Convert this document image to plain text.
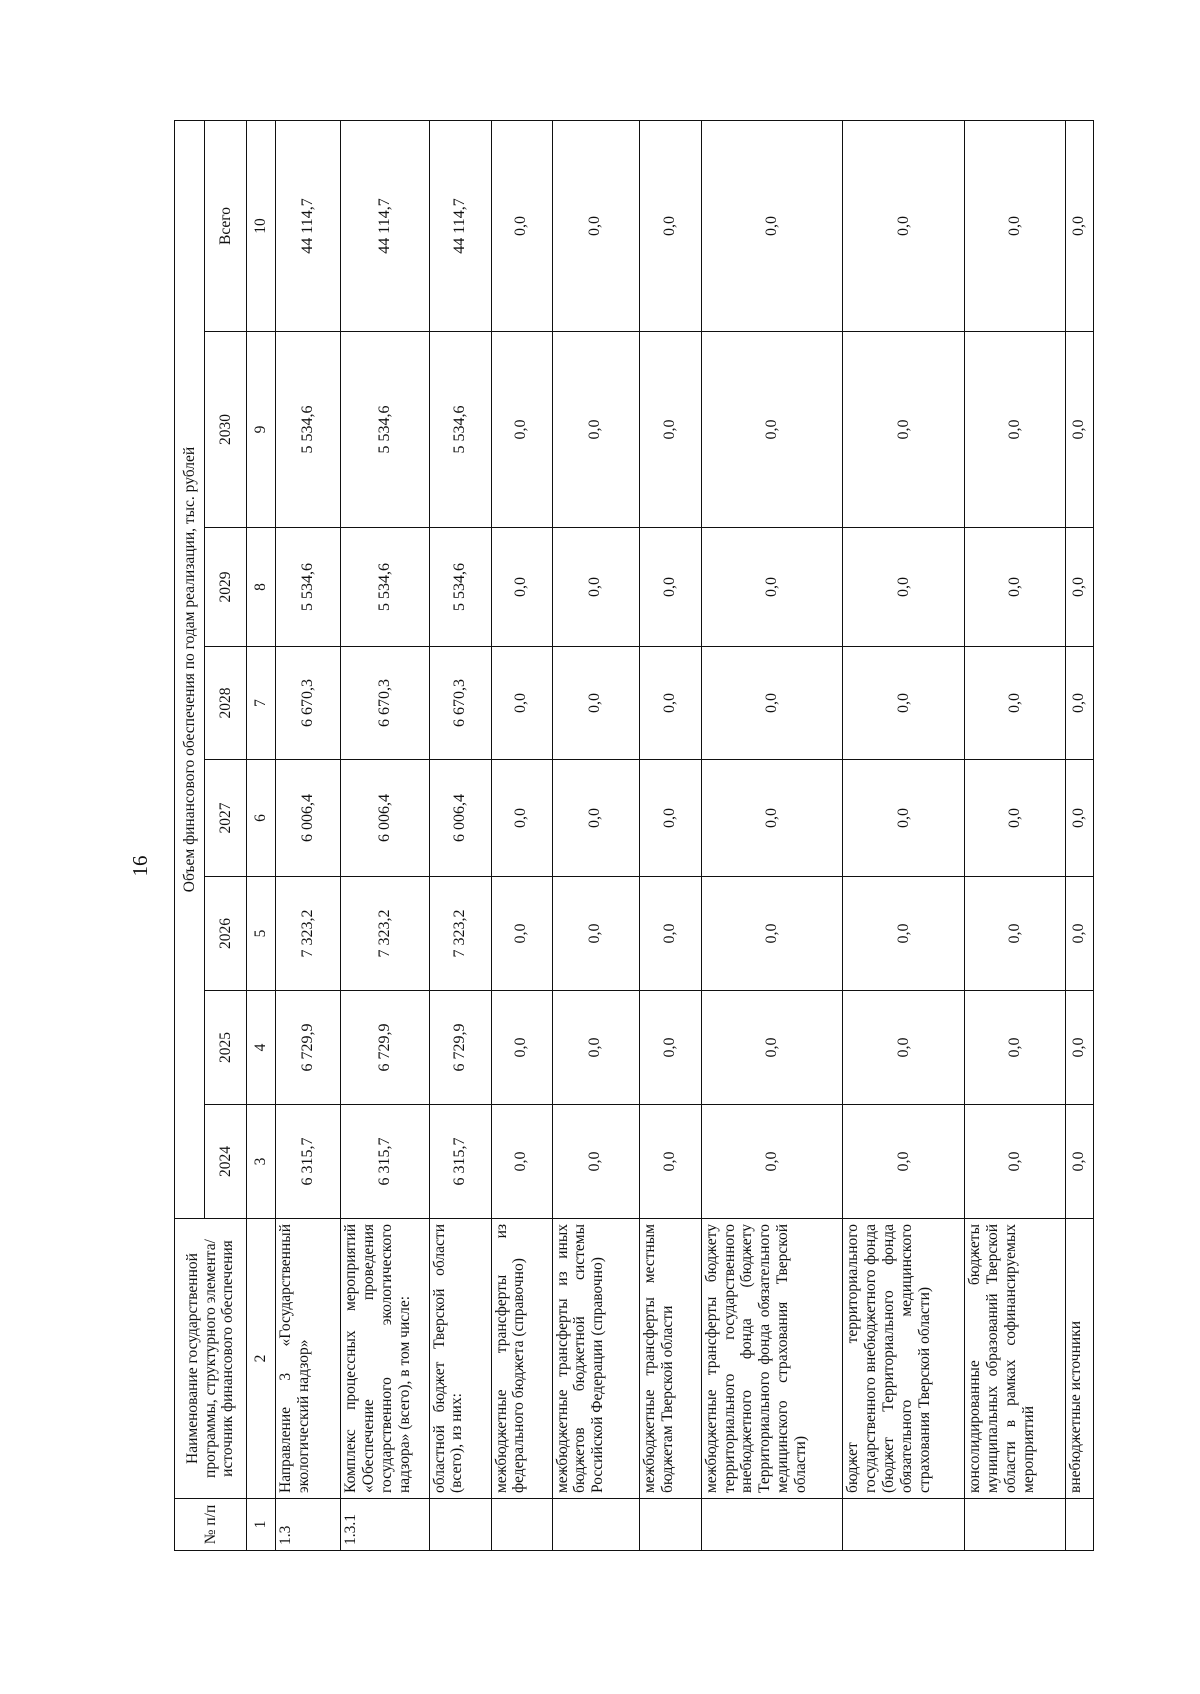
16
№ п/п	Наименование государственной программы, структурного элемента/источник финансового обеспечения	Объем финансового обеспечения по годам реализации, тыс. рублей							
		2024	2025	2026	2027	2028	2029	2030	Всего
1	2	3	4	5	6	7	8	9	10
1.3	Направление 3 «Государственный экологический надзор»	6 315,7	6 729,9	7 323,2	6 006,4	6 670,3	5 534,6	5 534,6	44 114,7
1.3.1	Комплекс процессных мероприятий «Обеспечение проведения государственного экологического надзора» (всего), в том числе:	6 315,7	6 729,9	7 323,2	6 006,4	6 670,3	5 534,6	5 534,6	44 114,7
	областной бюджет Тверской области (всего), из них:	6 315,7	6 729,9	7 323,2	6 006,4	6 670,3	5 534,6	5 534,6	44 114,7
	межбюджетные трансферты из федерального бюджета (справочно)	0,0	0,0	0,0	0,0	0,0	0,0	0,0	0,0
	межбюджетные трансферты из иных бюджетов бюджетной системы Российской Федерации (справочно)	0,0	0,0	0,0	0,0	0,0	0,0	0,0	0,0
	межбюджетные трансферты местным бюджетам Тверской области	0,0	0,0	0,0	0,0	0,0	0,0	0,0	0,0
	межбюджетные трансферты бюджету территориального государственного внебюджетного фонда (бюджету Территориального фонда обязательного медицинского страхования Тверской области)	0,0	0,0	0,0	0,0	0,0	0,0	0,0	0,0
	бюджет территориального государственного внебюджетного фонда (бюджет Территориального фонда обязательного медицинского страхования Тверской области)	0,0	0,0	0,0	0,0	0,0	0,0	0,0	0,0
	консолидированные бюджеты муниципальных образований Тверской области в рамках софинансируемых мероприятий	0,0	0,0	0,0	0,0	0,0	0,0	0,0	0,0
	внебюджетные источники	0,0	0,0	0,0	0,0	0,0	0,0	0,0	0,0
